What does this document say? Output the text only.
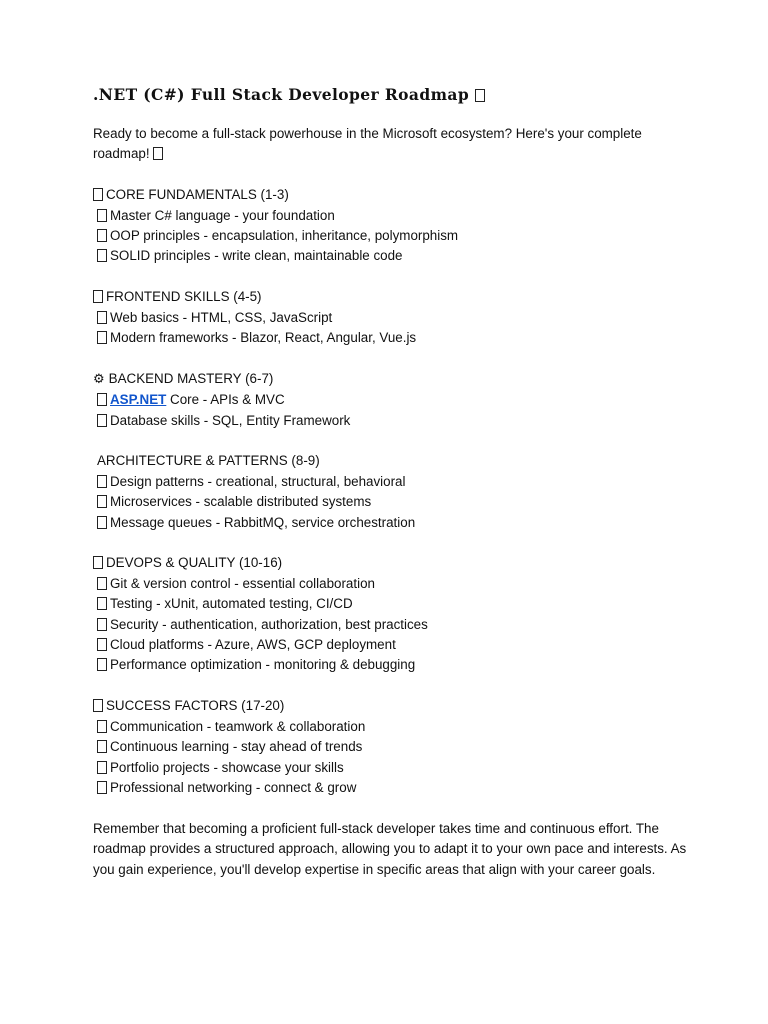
.NET (C#) Full Stack Developer Roadmap
Ready to become a full-stack powerhouse in the Microsoft ecosystem? Here's your complete roadmap!
CORE FUNDAMENTALS (1-3)
Master C# language - your foundation
OOP principles - encapsulation, inheritance, polymorphism
SOLID principles - write clean, maintainable code
FRONTEND SKILLS (4-5)
Web basics - HTML, CSS, JavaScript
Modern frameworks - Blazor, React, Angular, Vue.js
⚙ BACKEND MASTERY (6-7)
ASP.NET Core - APIs & MVC
Database skills - SQL, Entity Framework
ARCHITECTURE & PATTERNS (8-9)
Design patterns - creational, structural, behavioral
Microservices - scalable distributed systems
Message queues - RabbitMQ, service orchestration
DEVOPS & QUALITY (10-16)
Git & version control - essential collaboration
Testing - xUnit, automated testing, CI/CD
Security - authentication, authorization, best practices
Cloud platforms - Azure, AWS, GCP deployment
Performance optimization - monitoring & debugging
SUCCESS FACTORS (17-20)
Communication - teamwork & collaboration
Continuous learning - stay ahead of trends
Portfolio projects - showcase your skills
Professional networking - connect & grow
Remember that becoming a proficient full-stack developer takes time and continuous effort. The roadmap provides a structured approach, allowing you to adapt it to your own pace and interests. As you gain experience, you'll develop expertise in specific areas that align with your career goals.
